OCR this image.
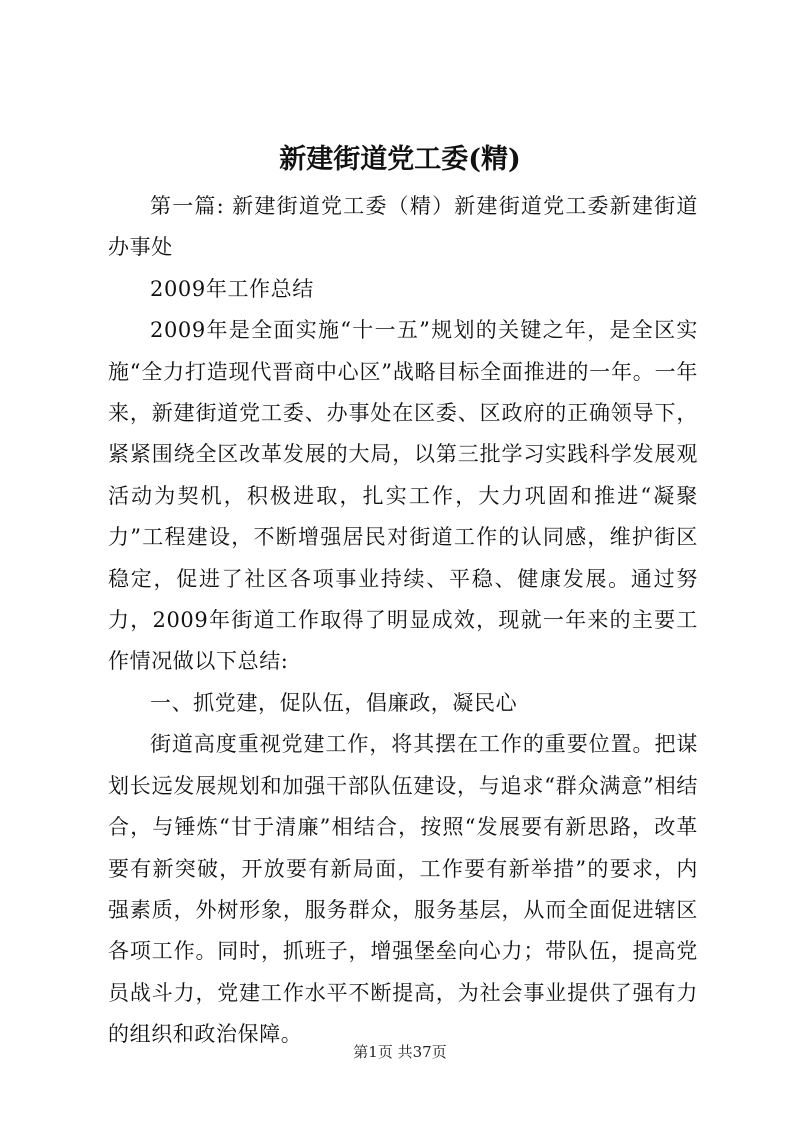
新建街道党工委(精)

第一篇: 新建街道党工委（精）新建街道党工委新建街道办事处

2009年工作总结

2009年是全面实施“十一五”规划的关键之年，是全区实施“全力打造现代晋商中心区”战略目标全面推进的一年。一年来，新建街道党工委、办事处在区委、区政府的正确领导下，紧紧围绕全区改革发展的大局，以第三批学习实践科学发展观活动为契机，积极进取，扎实工作，大力巩固和推进“凝聚力”工程建设，不断增强居民对街道工作的认同感，维护街区稳定，促进了社区各项事业持续、平稳、健康发展。通过努力，2009年街道工作取得了明显成效，现就一年来的主要工作情况做以下总结:

一、抓党建，促队伍，倡廉政，凝民心

街道高度重视党建工作，将其摆在工作的重要位置。把谋划长远发展规划和加强干部队伍建设，与追求“群众满意”相结合，与锤炼“甘于清廉”相结合，按照“发展要有新思路，改革要有新突破，开放要有新局面，工作要有新举措”的要求，内强素质，外树形象，服务群众，服务基层，从而全面促进辖区各项工作。同时，抓班子，增强堡垒向心力；带队伍，提高党员战斗力，党建工作水平不断提高，为社会事业提供了强有力的组织和政治保障。

第1页 共37页
